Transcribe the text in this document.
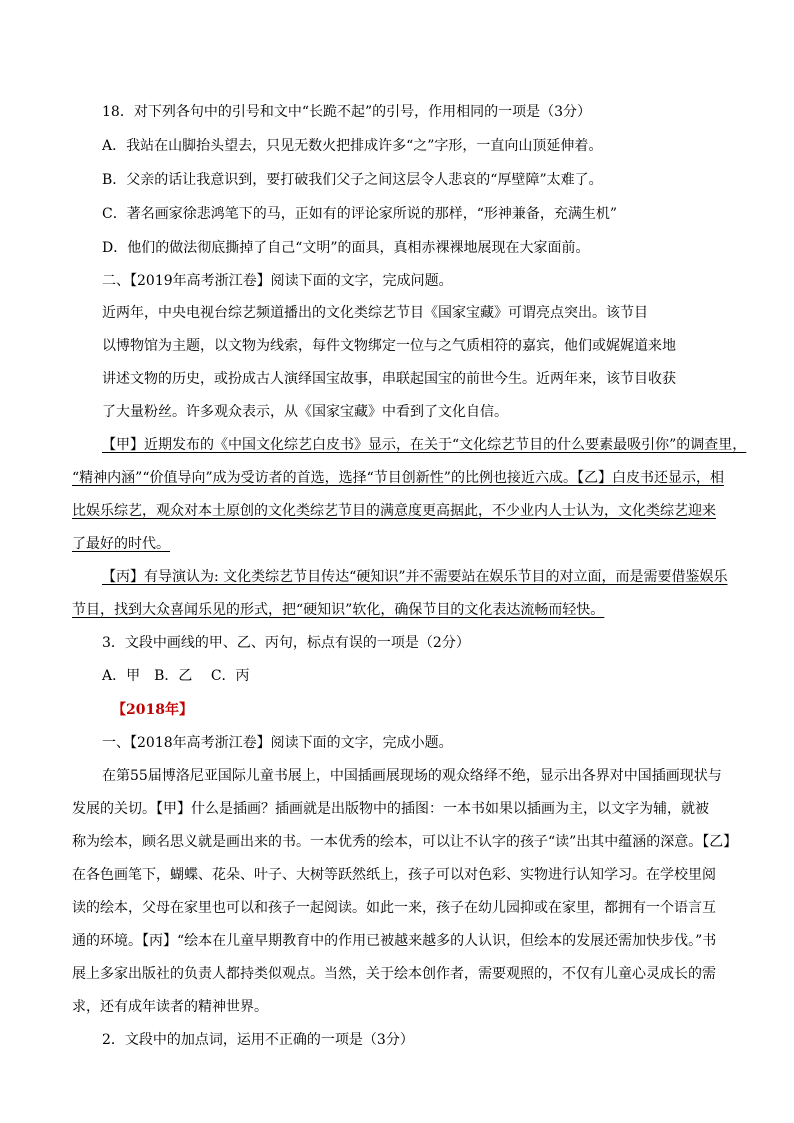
18．对下列各句中的引号和文中“长跪不起”的引号，作用相同的一项是（3分）
A．我站在山脚抬头望去，只见无数火把排成许多“之”字形，一直向山顶延伸着。
B．父亲的话让我意识到，要打破我们父子之间这层令人悲哀的“厚壁障”太难了。
C．著名画家徐悲鸿笔下的马，正如有的评论家所说的那样，“形神兼备，充满生机”
D．他们的做法彻底撕掉了自己“文明”的面具，真相赤裸裸地展现在大家面前。
二、【2019年高考浙江卷】阅读下面的文字，完成问题。
近两年，中央电视台综艺频道播出的文化类综艺节目《国家宝藏》可谓亮点突出。该节目
以博物馆为主题，以文物为线索，每件文物绑定一位与之气质相符的嘉宾，他们或娓娓道来地
讲述文物的历史，或扮成古人演绎国宝故事，串联起国宝的前世今生。近两年来，该节目收获
了大量粉丝。许多观众表示，从《国家宝藏》中看到了文化自信。
【甲】近期发布的《中国文化综艺白皮书》显示，在关于“文化综艺节目的什么要素最吸引你”的调查里，
“精神内涵”“价值导向”成为受访者的首选，选择“节目创新性”的比例也接近六成。【乙】白皮书还显示，相
比娱乐综艺，观众对本土原创的文化类综艺节目的满意度更高据此，不少业内人士认为，文化类综艺迎来
了最好的时代。
【丙】有导演认为: 文化类综艺节目传达“硬知识”并不需要站在娱乐节目的对立面，而是需要借鉴娱乐
节目，找到大众喜闻乐见的形式，把“硬知识”软化，确保节目的文化表达流畅而轻快。
3．文段中画线的甲、乙、丙句，标点有误的一项是（2分）
A．甲　B．乙　 C．丙
【2018年】
一、【2018年高考浙江卷】阅读下面的文字，完成小题。
在第55届博洛尼亚国际儿童书展上，中国插画展现场的观众络绎不绝，显示出各界对中国插画现状与
发展的关切。【甲】什么是插画？插画就是出版物中的插图：一本书如果以插画为主，以文字为辅，就被
称为绘本，顾名思义就是画出来的书。一本优秀的绘本，可以让不认字的孩子“读”出其中蕴涵的深意。【乙】
在各色画笔下，蝴蝶、花朵、叶子、大树等跃然纸上，孩子可以对色彩、实物进行认知学习。在学校里阅
读的绘本，父母在家里也可以和孩子一起阅读。如此一来，孩子在幼儿园抑或在家里，都拥有一个语言互
通的环境。【丙】“绘本在儿童早期教育中的作用已被越来越多的人认识，但绘本的发展还需加快步伐。”书
展上多家出版社的负责人都持类似观点。当然，关于绘本创作者，需要观照的，不仅有儿童心灵成长的需
求，还有成年读者的精神世界。
2．文段中的加点词，运用不正确的一项是（3分）
